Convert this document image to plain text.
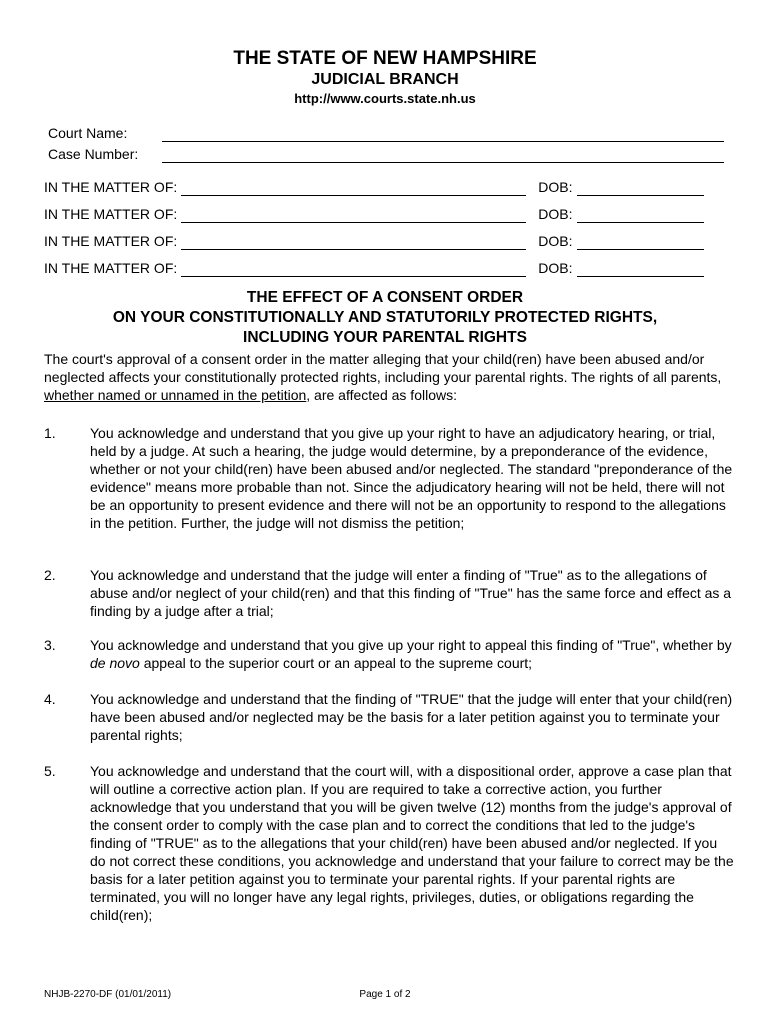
THE STATE OF NEW HAMPSHIRE

JUDICIAL BRANCH

http://www.courts.state.nh.us

Court Name:
Case Number:
IN THE MATTER OF:	DOB:
IN THE MATTER OF:	DOB:
IN THE MATTER OF:	DOB:
IN THE MATTER OF:	DOB:
THE EFFECT OF A CONSENT ORDER
ON YOUR CONSTITUTIONALLY AND STATUTORILY PROTECTED RIGHTS,
INCLUDING YOUR PARENTAL RIGHTS
The court's approval of a consent order in the matter alleging that your child(ren) have been abused and/or neglected affects your constitutionally protected rights, including your parental rights. The rights of all parents, whether named or unnamed in the petition, are affected as follows:
1.	You acknowledge and understand that you give up your right to have an adjudicatory hearing, or trial, held by a judge. At such a hearing, the judge would determine, by a preponderance of the evidence, whether or not your child(ren) have been abused and/or neglected. The standard "preponderance of the evidence" means more probable than not. Since the adjudicatory hearing will not be held, there will not be an opportunity to present evidence and there will not be an opportunity to respond to the allegations in the petition. Further, the judge will not dismiss the petition;
2.	You acknowledge and understand that the judge will enter a finding of "True" as to the allegations of abuse and/or neglect of your child(ren) and that this finding of "True" has the same force and effect as a finding by a judge after a trial;
3.	You acknowledge and understand that you give up your right to appeal this finding of "True", whether by de novo appeal to the superior court or an appeal to the supreme court;
4.	You acknowledge and understand that the finding of "TRUE" that the judge will enter that your child(ren) have been abused and/or neglected may be the basis for a later petition against you to terminate your parental rights;
5.	You acknowledge and understand that the court will, with a dispositional order, approve a case plan that will outline a corrective action plan. If you are required to take a corrective action, you further acknowledge that you understand that you will be given twelve (12) months from the judge's approval of the consent order to comply with the case plan and to correct the conditions that led to the judge's finding of "TRUE" as to the allegations that your child(ren) have been abused and/or neglected. If you do not correct these conditions, you acknowledge and understand that your failure to correct may be the basis for a later petition against you to terminate your parental rights. If your parental rights are terminated, you will no longer have any legal rights, privileges, duties, or obligations regarding the child(ren);
NHJB-2270-DF (01/01/2011)	Page 1 of 2
